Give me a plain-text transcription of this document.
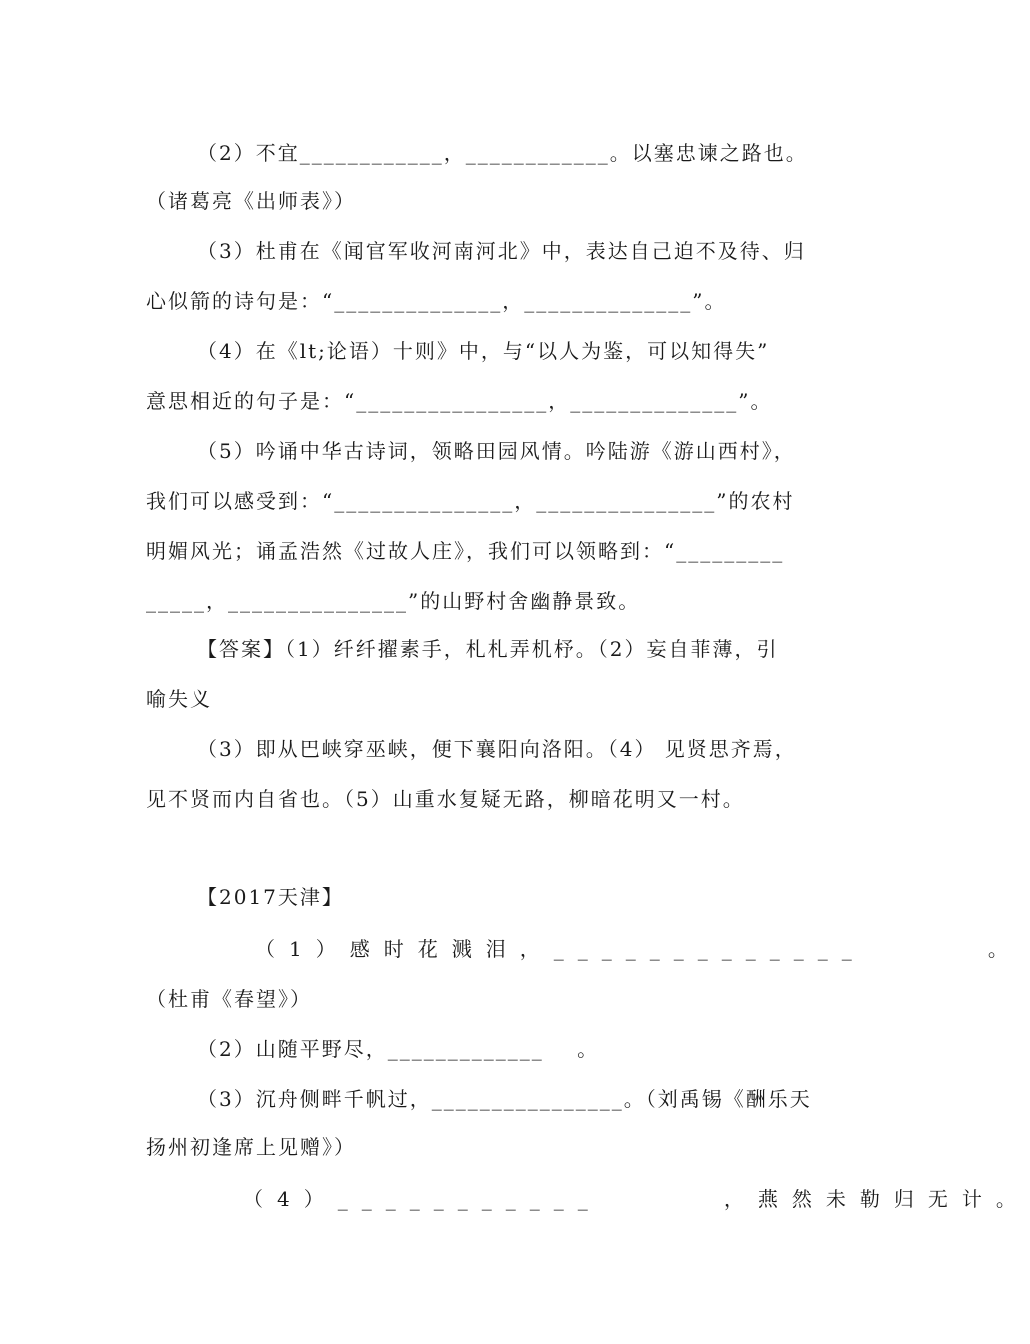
（2）不宜____________，____________。以塞忠谏之路也。
（诸葛亮《出师表》）
（3）杜甫在《闻官军收河南河北》中，表达自己迫不及待、归
心似箭的诗句是：“______________，______________”。
（4）在《lt;论语）十则》中，与“以人为鉴，可以知得失”
意思相近的句子是：“________________，______________”。
（5）吟诵中华古诗词，领略田园风情。吟陆游《游山西村》，
我们可以感受到：“_______________，_______________”的农村
明媚风光；诵孟浩然《过故人庄》，我们可以领略到：“_________
_____，_______________”的山野村舍幽静景致。
【答案】（1）纤纤擢素手，札札弄机杼。（2）妄自菲薄，引
喻失义
（3）即从巴峡穿巫峡，便下襄阳向洛阳。（4） 见贤思齐焉，
见不贤而内自省也。（5）山重水复疑无路，柳暗花明又一村。
【2017天津】
（1）感时花溅泪，_____________      。
（杜甫《春望》）
（2）山随平野尽，_____________    。
（3）沉舟侧畔千帆过，________________。（刘禹锡《酬乐天
扬州初逢席上见赠》）
（4）___________      ，燕然未勒归无计。
